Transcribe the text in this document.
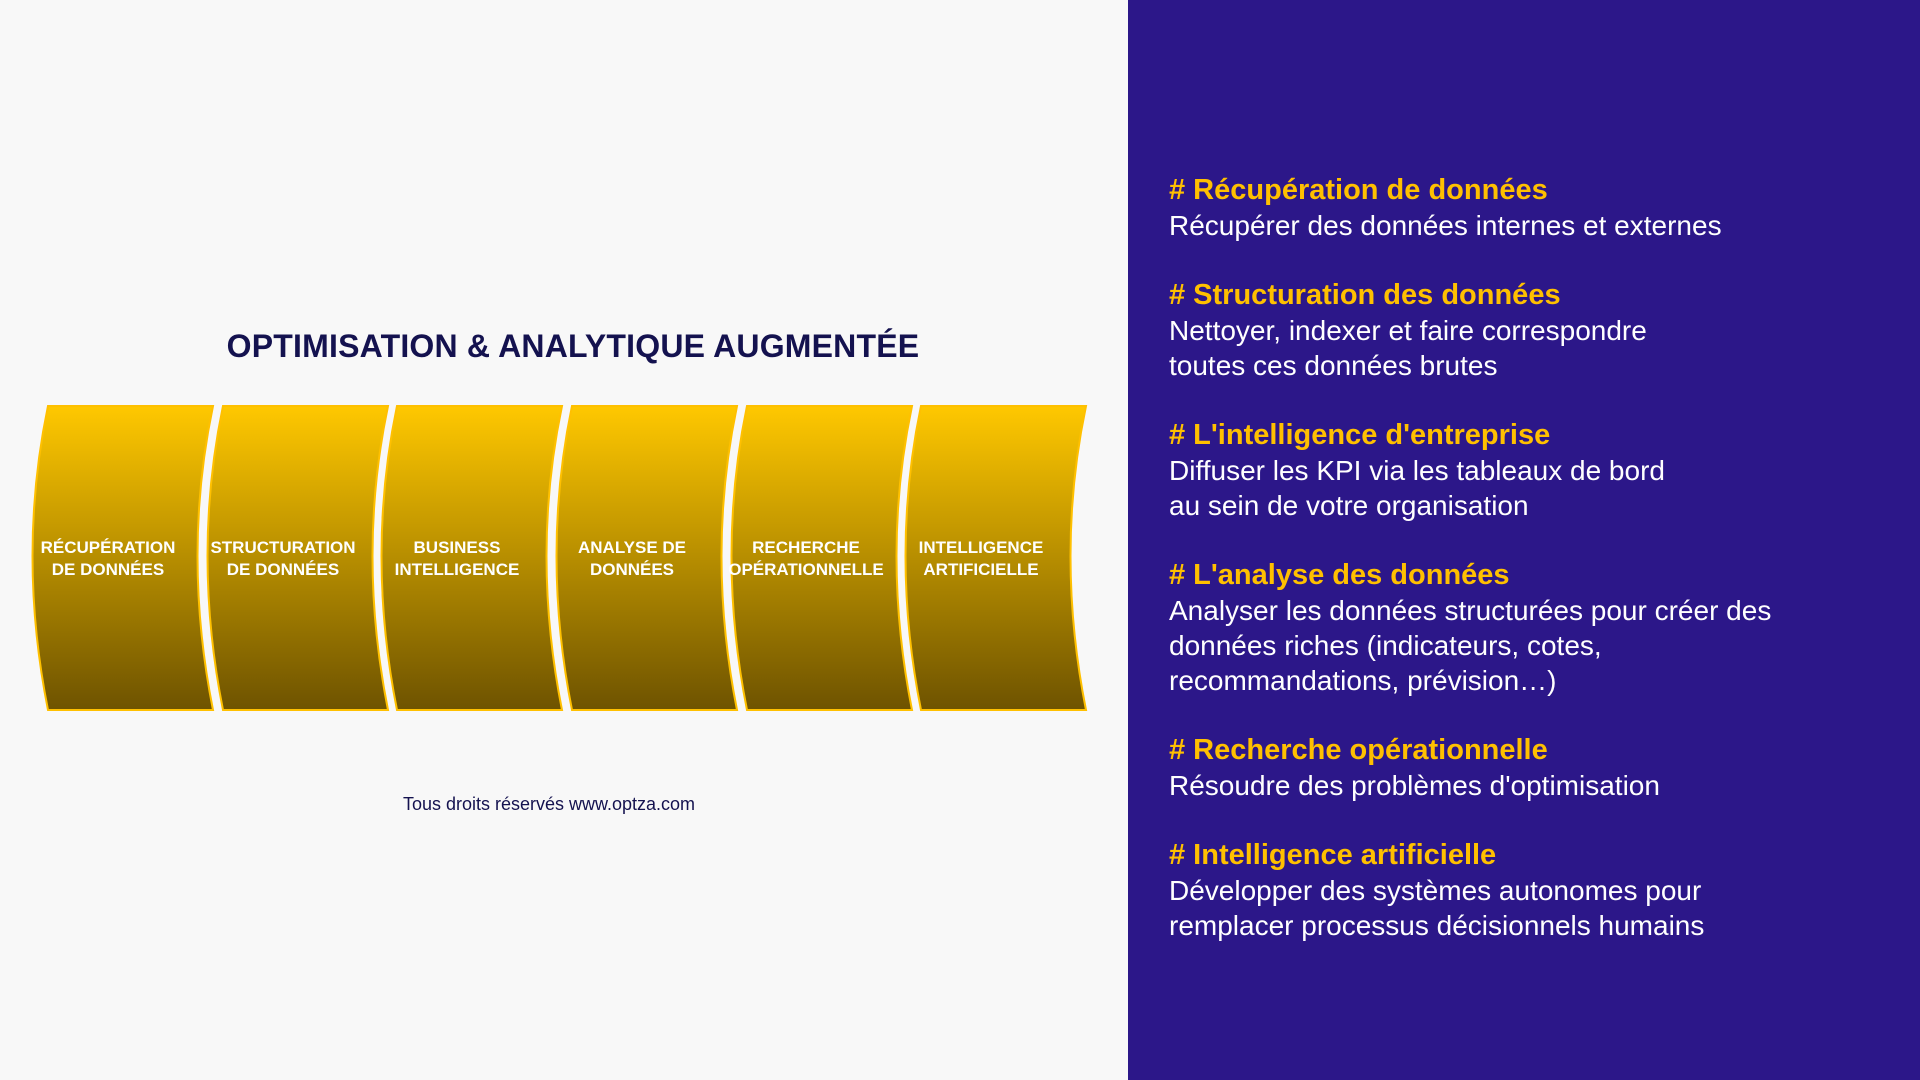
OPTIMISATION & ANALYTIQUE AUGMENTÉE
RÉCUPÉRATION
DE DONNÉES
STRUCTURATION
DE DONNÉES
BUSINESS
INTELLIGENCE
ANALYSE DE
DONNÉES
RECHERCHE
OPÉRATIONNELLE
INTELLIGENCE
ARTIFICIELLE
Tous droits réservés www.optza.com
# Récupération de données
Récupérer des données internes et externes
# Structuration des données
Nettoyer, indexer et faire correspondre
toutes ces données brutes
# L'intelligence d'entreprise
Diffuser les KPI via les tableaux de bord
au sein de votre organisation
# L'analyse des données
Analyser les données structurées pour créer des
données riches (indicateurs, cotes,
recommandations, prévision…)
# Recherche opérationnelle
Résoudre des problèmes d'optimisation
# Intelligence artificielle
Développer des systèmes autonomes pour
remplacer processus décisionnels humains
